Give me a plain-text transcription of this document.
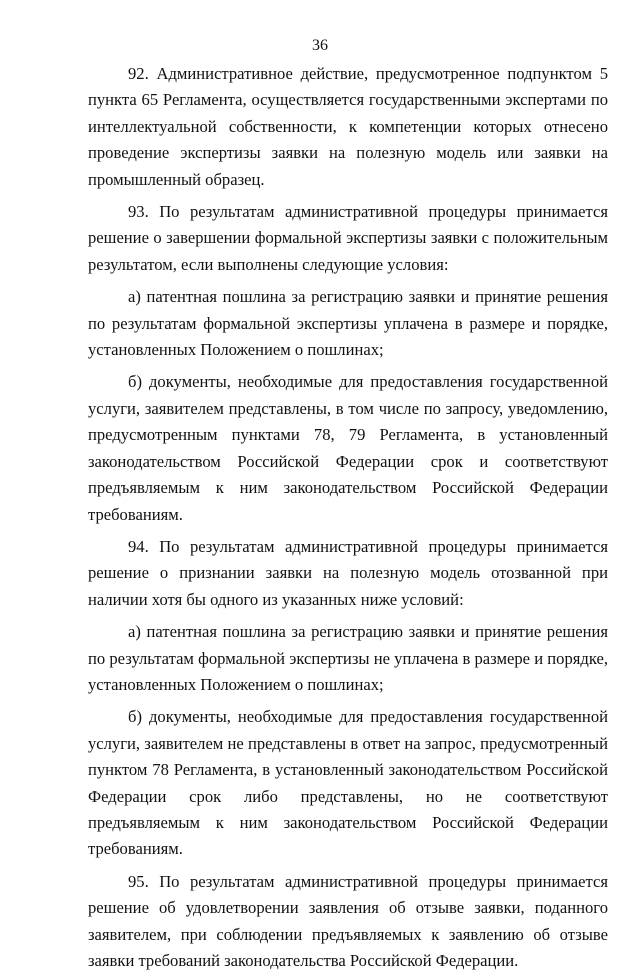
36

92. Административное действие, предусмотренное подпунктом 5 пункта 65 Регламента, осуществляется государственными экспертами по интеллектуальной собственности, к компетенции которых отнесено проведение экспертизы заявки на полезную модель или заявки на промышленный образец.

93. По результатам административной процедуры принимается решение о завершении формальной экспертизы заявки с положительным результатом, если выполнены следующие условия:

а) патентная пошлина за регистрацию заявки и принятие решения по результатам формальной экспертизы уплачена в размере и порядке, установленных Положением о пошлинах;

б) документы, необходимые для предоставления государственной услуги, заявителем представлены, в том числе по запросу, уведомлению, предусмотренным пунктами 78, 79 Регламента, в установленный законодательством Российской Федерации срок и соответствуют предъявляемым к ним законодательством Российской Федерации требованиям.

94. По результатам административной процедуры принимается решение о признании заявки на полезную модель отозванной при наличии хотя бы одного из указанных ниже условий:

а) патентная пошлина за регистрацию заявки и принятие решения по результатам формальной экспертизы не уплачена в размере и порядке, установленных Положением о пошлинах;

б) документы, необходимые для предоставления государственной услуги, заявителем не представлены в ответ на запрос, предусмотренный пунктом 78 Регламента, в установленный законодательством Российской Федерации срок либо представлены, но не соответствуют предъявляемым к ним законодательством Российской Федерации требованиям.

95. По результатам административной процедуры принимается решение об удовлетворении заявления об отзыве заявки, поданного заявителем, при соблюдении предъявляемых к заявлению об отзыве заявки требований законодательства Российской Федерации.
